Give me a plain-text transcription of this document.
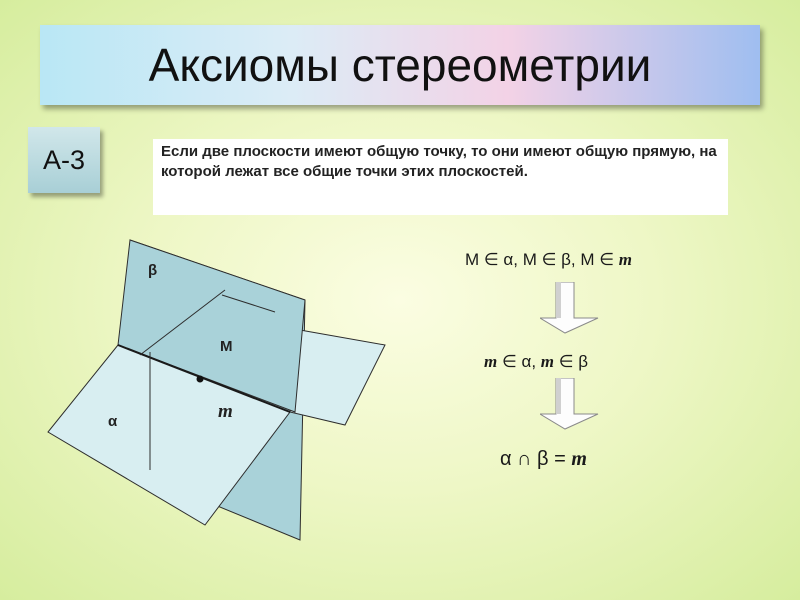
Аксиомы стереометрии
А-3	Если две плоскости имеют общую точку, то они имеют общую прямую, на которой лежат все общие точки этих плоскостей.
β
α
М
m
М ∈ α, М ∈ β, М ∈ m
m ∈ α, m ∈ β
α ∩ β = m
